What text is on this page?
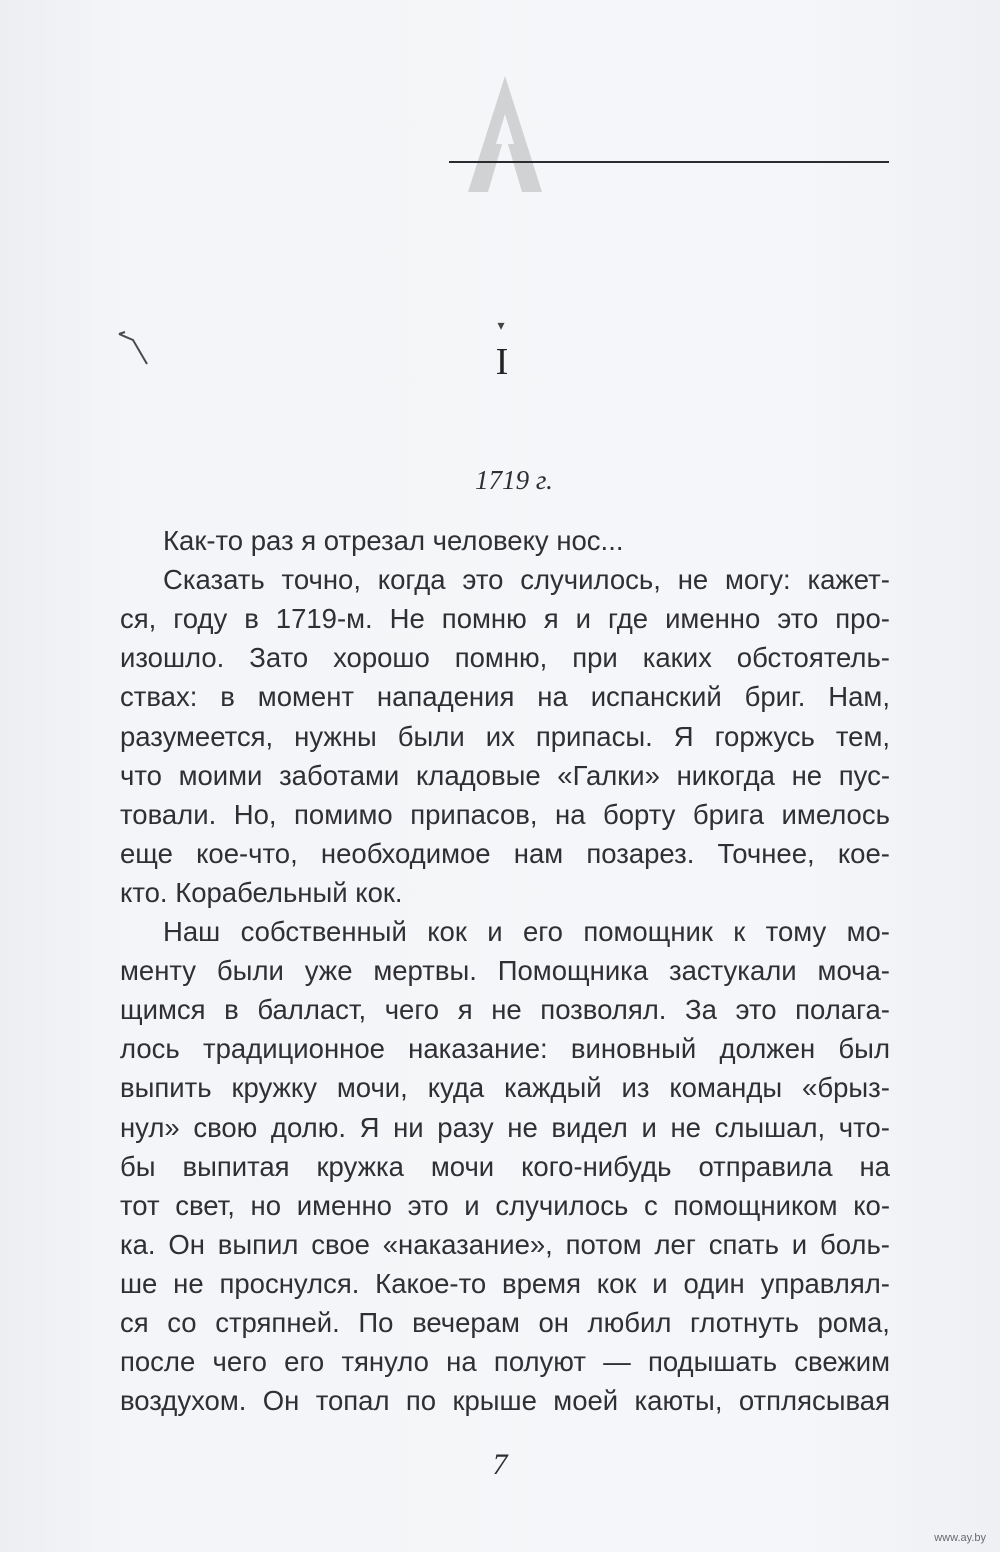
▾
I
1719 г.
Как-то раз я отрезал человеку нос...
Сказать точно, когда это случилось, не могу: кажет-
ся, году в 1719-м. Не помню я и где именно это про-
изошло. Зато хорошо помню, при каких обстоятель-
ствах: в момент нападения на испанский бриг. Нам,
разумеется, нужны были их припасы. Я горжусь тем,
что моими заботами кладовые «Галки» никогда не пус-
товали. Но, помимо припасов, на борту брига имелось
еще кое-что, необходимое нам позарез. Точнее, кое-
кто. Корабельный кок.
Наш собственный кок и его помощник к тому мо-
менту были уже мертвы. Помощника застукали моча-
щимся в балласт, чего я не позволял. За это полага-
лось традиционное наказание: виновный должен был
выпить кружку мочи, куда каждый из команды «брыз-
нул» свою долю. Я ни разу не видел и не слышал, что-
бы выпитая кружка мочи кого-нибудь отправила на
тот свет, но именно это и случилось с помощником ко-
ка. Он выпил свое «наказание», потом лег спать и боль-
ше не проснулся. Какое-то время кок и один управлял-
ся со стряпней. По вечерам он любил глотнуть рома,
после чего его тянуло на полуют — подышать свежим
воздухом. Он топал по крыше моей каюты, отплясывая
7
www.ay.by
